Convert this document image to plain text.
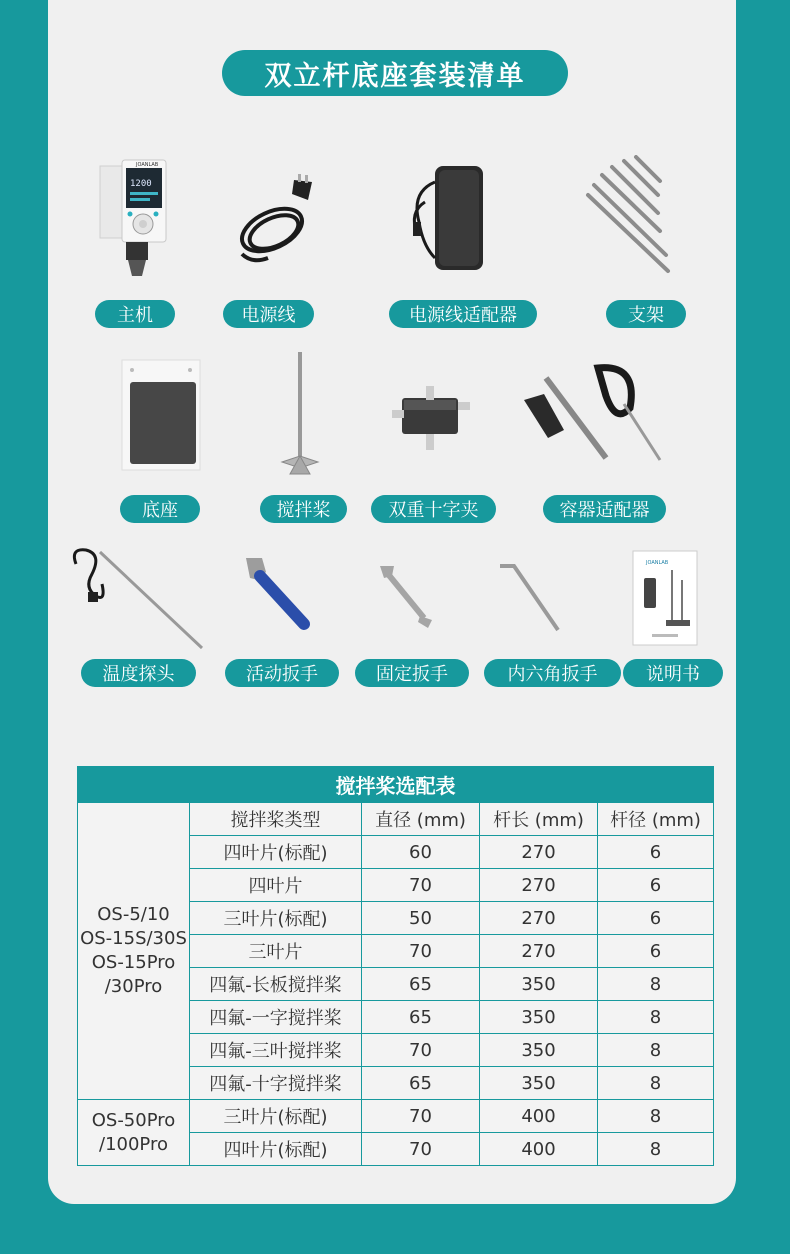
双立杆底座套装清单
1200
JOANLAB
主机	电源线	电源线适配器	支架
底座	搅拌桨	双重十字夹	容器适配器
JOANLAB
温度探头	活动扳手	固定扳手	内六角扳手	说明书
搅拌桨选配表				
OS-5/10
OS-15S/30S
OS-15Pro
/30Pro	搅拌桨类型	直径 (mm)	杆长 (mm)	杆径 (mm)
	四叶片(标配)	60	270	6
	四叶片	70	270	6
	三叶片(标配)	50	270	6
	三叶片	70	270	6
	四氟-长板搅拌桨	65	350	8
	四氟-一字搅拌桨	65	350	8
	四氟-三叶搅拌桨	70	350	8
	四氟-十字搅拌桨	65	350	8
OS-50Pro
/100Pro	三叶片(标配)	70	400	8
	四叶片(标配)	70	400	8
